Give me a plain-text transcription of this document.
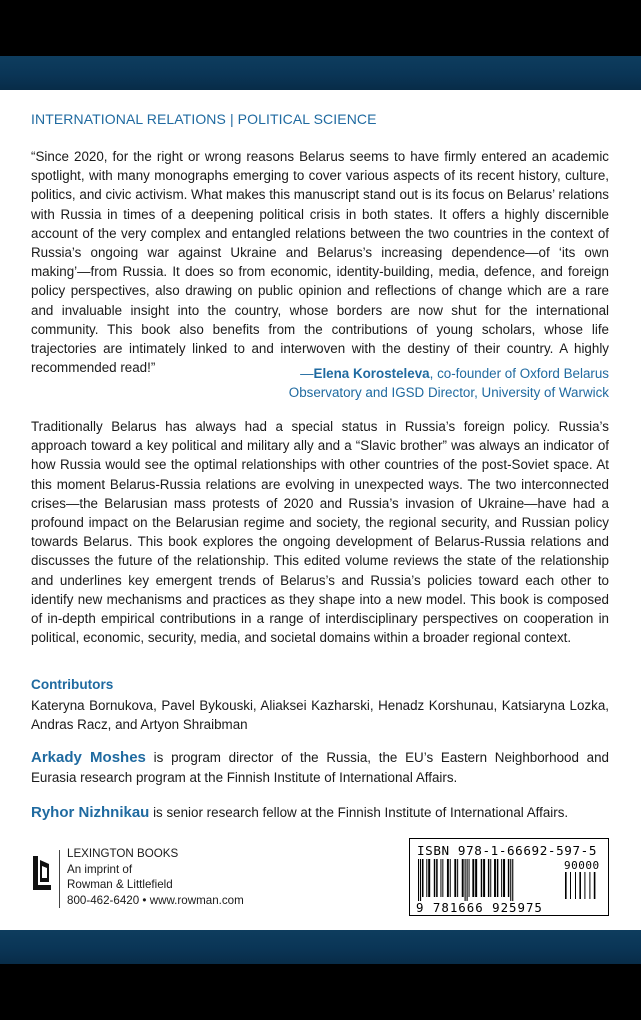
INTERNATIONAL RELATIONS | POLITICAL SCIENCE
“Since 2020, for the right or wrong reasons Belarus seems to have firmly entered an academic spotlight, with many monographs emerging to cover various aspects of its recent history, culture, politics, and civic activism. What makes this manuscript stand out is its focus on Belarus’ relations with Russia in times of a deepening political crisis in both states. It offers a highly discernible account of the very complex and entangled relations between the two countries in the context of Russia’s ongoing war against Ukraine and Belarus’s increasing dependence—of ‘its own making’—from Russia. It does so from economic, identity-building, media, defence, and foreign policy perspectives, also drawing on public opinion and reflections of change which are a rare and invaluable insight into the country, whose borders are now shut for the international community. This book also benefits from the contributions of young scholars, whose life trajectories are intimately linked to and interwoven with the destiny of their country. A highly recommended read!”	—Elena Korosteleva, co-founder of Oxford Belarus
Observatory and IGSD Director, University of Warwick
Traditionally Belarus has always had a special status in Russia’s foreign policy. Russia’s approach toward a key political and military ally and a “Slavic brother” was always an indicator of how Russia would see the optimal relationships with other countries of the post-Soviet space. At this moment Belarus-Russia relations are evolving in unexpected ways. The two interconnected crises—the Belarusian mass protests of 2020 and Russia’s invasion of Ukraine—have had a profound impact on the Belarusian regime and society, the regional security, and Russian policy towards Belarus. This book explores the ongoing development of Belarus-Russia relations and discusses the future of the relationship. This edited volume reviews the state of the relationship and underlines key emergent trends of Belarus’s and Russia’s policies toward each other to identify new mechanisms and practices as they shape into a new model. This book is composed of in-depth empirical contributions in a range of interdisciplinary perspectives on cooperation in political, economic, security, media, and societal domains within a broader regional context.
Contributors
Kateryna Bornukova, Pavel Bykouski, Aliaksei Kazharski, Henadz Korshunau, Katsiaryna Lozka, Andras Racz, and Artyon Shraibman
Arkady Moshes is program director of the Russia, the EU’s Eastern Neighborhood and Eurasia research program at the Finnish Institute of International Affairs.
Ryhor Nizhnikau is senior research fellow at the Finnish Institute of International Affairs.
LEXINGTON BOOKS
An imprint of
Rowman & Littlefield
800-462-6420 • www.rowman.com
ISBN 978-1-66692-597-5
90000
9 781666 925975
